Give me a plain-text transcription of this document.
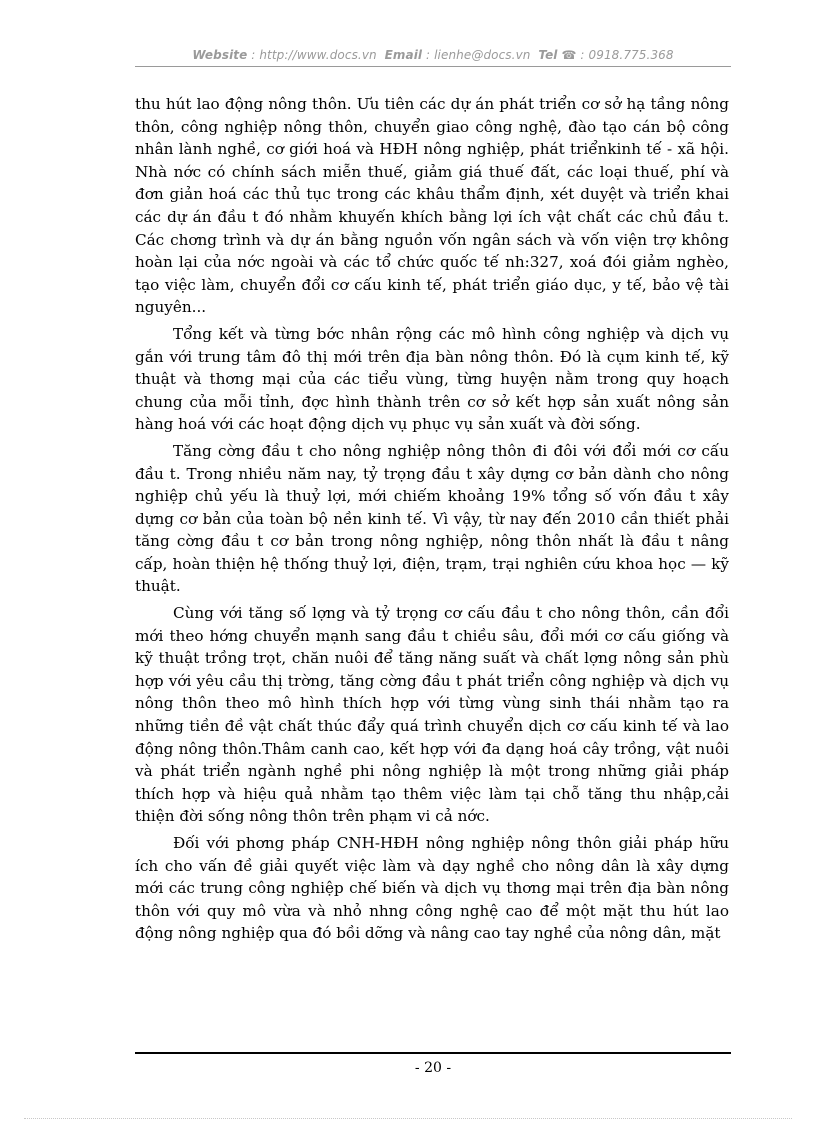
Website : http://www.docs.vn Email : lienhe@docs.vn Tel ☎ : 0918.775.368

thu hút lao động nông thôn. Ưu tiên các dự án phát triển cơ sở hạ tầng nông thôn, công nghiệp nông thôn, chuyển giao công nghệ, đào tạo cán bộ công nhân lành nghề, cơ giới hoá và HĐH nông nghiệp, phát triểnkinh tế - xã hội. Nhà nớc có chính sách miễn thuế, giảm giá thuế đất, các loại thuế, phí và đơn giản hoá các thủ tục trong các khâu thẩm định, xét duyệt và triển khai các dự án đầu t đó nhằm khuyến khích bằng lợi ích vật chất các chủ đầu t. Các chơng trình và dự án bằng nguồn vốn ngân sách và vốn viện trợ không hoàn lại của nớc ngoài và các tổ chức quốc tế nh:327, xoá đói giảm nghèo, tạo việc làm, chuyển đổi cơ cấu kinh tế, phát triển giáo dục, y tế, bảo vệ tài nguyên...

Tổng kết và từng bớc nhân rộng các mô hình công nghiệp và dịch vụ gắn với trung tâm đô thị mới trên địa bàn nông thôn. Đó là cụm kinh tế, kỹ thuật và thơng mại của các tiểu vùng, từng huyện nằm trong quy hoạch chung của mỗi tỉnh, đợc hình thành trên cơ sở kết hợp sản xuất nông sản hàng hoá với các hoạt động dịch vụ phục vụ sản xuất và đời sống.

Tăng cờng đầu t cho nông nghiệp nông thôn đi đôi với đổi mới cơ cấu đầu t. Trong nhiều năm nay, tỷ trọng đầu t xây dựng cơ bản dành cho nông nghiệp chủ yếu là thuỷ lợi, mới chiếm khoảng 19% tổng số vốn đầu t xây dựng cơ bản của toàn bộ nền kinh tế. Vì vậy, từ nay đến 2010 cần thiết phải tăng cờng đầu t cơ bản trong nông nghiệp, nông thôn nhất là đầu t nâng cấp, hoàn thiện hệ thống thuỷ lợi, điện, trạm, trại nghiên cứu khoa học — kỹ thuật.

Cùng với tăng số lợng và tỷ trọng cơ cấu đầu t cho nông thôn, cần đổi mới theo hớng chuyển mạnh sang đầu t chiều sâu, đổi mới cơ cấu giống và kỹ thuật trồng trọt, chăn nuôi để tăng năng suất và chất lợng nông sản phù hợp với yêu cầu thị trờng, tăng cờng đầu t phát triển công nghiệp và dịch vụ nông thôn theo mô hình thích hợp với từng vùng sinh thái nhằm tạo ra những tiền đề vật chất thúc đẩy quá trình chuyển dịch cơ cấu kinh tế và lao động nông thôn.Thâm canh cao, kết hợp với đa dạng hoá cây trồng, vật nuôi và phát triển ngành nghề phi nông nghiệp là một trong những giải pháp thích hợp và hiệu quả nhằm tạo thêm việc làm tại chỗ tăng thu nhập,cải thiện đời sống nông thôn trên phạm vi cả nớc.

Đối với phơng pháp CNH-HĐH nông nghiệp nông thôn giải pháp hữu ích cho vấn đề giải quyết việc làm và dạy nghề cho nông dân là xây dựng mới các trung công nghiệp chế biến và dịch vụ thơng mại trên địa bàn nông thôn với quy mô vừa và nhỏ nhng công nghệ cao để một mặt thu hút lao động nông nghiệp qua đó bồi dỡng và nâng cao tay nghề của nông dân, mặt

- 20 -
